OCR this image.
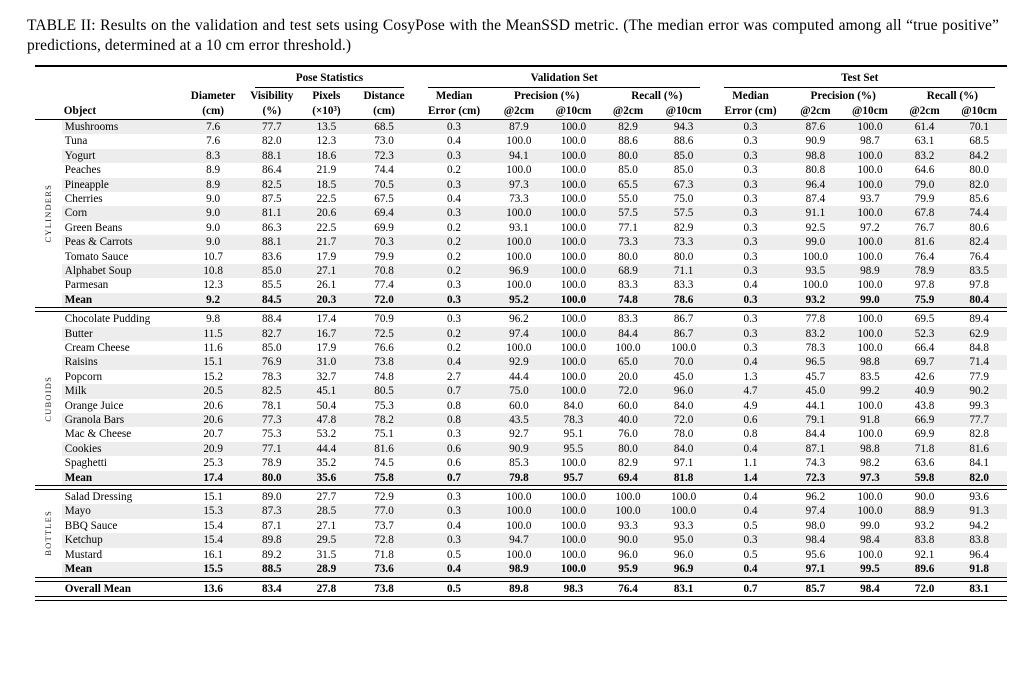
TABLE II: Results on the validation and test sets using CosyPose with the MeanSSD metric. (The median error was computed among all “true positive” predictions, determined at a 10 cm error threshold.)

			Pose Statistics			Validation Set					Test Set				

		Diameter	Visibility	Pixels	Distance	Median	Precision (%)		Recall (%)		Median	Precision (%)		Recall (%)	
	Object	(cm)	(%)	(×10³)	(cm)	Error (cm)	@2cm	@10cm	@2cm	@10cm	Error (cm)	@2cm	@10cm	@2cm	@10cm

CYLINDERS	Mushrooms	7.6	77.7	13.5	68.5	0.3	87.9	100.0	82.9	94.3	0.3	87.6	100.0	61.4	70.1
	Tuna	7.6	82.0	12.3	73.0	0.4	100.0	100.0	88.6	88.6	0.3	90.9	98.7	63.1	68.5
	Yogurt	8.3	88.1	18.6	72.3	0.3	94.1	100.0	80.0	85.0	0.3	98.8	100.0	83.2	84.2
	Peaches	8.9	86.4	21.9	74.4	0.2	100.0	100.0	85.0	85.0	0.3	80.8	100.0	64.6	80.0
	Pineapple	8.9	82.5	18.5	70.5	0.3	97.3	100.0	65.5	67.3	0.3	96.4	100.0	79.0	82.0
	Cherries	9.0	87.5	22.5	67.5	0.4	73.3	100.0	55.0	75.0	0.3	87.4	93.7	79.9	85.6
	Corn	9.0	81.1	20.6	69.4	0.3	100.0	100.0	57.5	57.5	0.3	91.1	100.0	67.8	74.4
	Green Beans	9.0	86.3	22.5	69.9	0.2	93.1	100.0	77.1	82.9	0.3	92.5	97.2	76.7	80.6
	Peas & Carrots	9.0	88.1	21.7	70.3	0.2	100.0	100.0	73.3	73.3	0.3	99.0	100.0	81.6	82.4
	Tomato Sauce	10.7	83.6	17.9	79.9	0.2	100.0	100.0	80.0	80.0	0.3	100.0	100.0	76.4	76.4
	Alphabet Soup	10.8	85.0	27.1	70.8	0.2	96.9	100.0	68.9	71.1	0.3	93.5	98.9	78.9	83.5
	Parmesan	12.3	85.5	26.1	77.4	0.3	100.0	100.0	83.3	83.3	0.4	100.0	100.0	97.8	97.8
	Mean	9.2	84.5	20.3	72.0	0.3	95.2	100.0	74.8	78.6	0.3	93.2	99.0	75.9	80.4

CUBOIDS	Chocolate Pudding	9.8	88.4	17.4	70.9	0.3	96.2	100.0	83.3	86.7	0.3	77.8	100.0	69.5	89.4
	Butter	11.5	82.7	16.7	72.5	0.2	97.4	100.0	84.4	86.7	0.3	83.2	100.0	52.3	62.9
	Cream Cheese	11.6	85.0	17.9	76.6	0.2	100.0	100.0	100.0	100.0	0.3	78.3	100.0	66.4	84.8
	Raisins	15.1	76.9	31.0	73.8	0.4	92.9	100.0	65.0	70.0	0.4	96.5	98.8	69.7	71.4
	Popcorn	15.2	78.3	32.7	74.8	2.7	44.4	100.0	20.0	45.0	1.3	45.7	83.5	42.6	77.9
	Milk	20.5	82.5	45.1	80.5	0.7	75.0	100.0	72.0	96.0	4.7	45.0	99.2	40.9	90.2
	Orange Juice	20.6	78.1	50.4	75.3	0.8	60.0	84.0	60.0	84.0	4.9	44.1	100.0	43.8	99.3
	Granola Bars	20.6	77.3	47.8	78.2	0.8	43.5	78.3	40.0	72.0	0.6	79.1	91.8	66.9	77.7
	Mac & Cheese	20.7	75.3	53.2	75.1	0.3	92.7	95.1	76.0	78.0	0.8	84.4	100.0	69.9	82.8
	Cookies	20.9	77.1	44.4	81.6	0.6	90.9	95.5	80.0	84.0	0.4	87.1	98.8	71.8	81.6
	Spaghetti	25.3	78.9	35.2	74.5	0.6	85.3	100.0	82.9	97.1	1.1	74.3	98.2	63.6	84.1
	Mean	17.4	80.0	35.6	75.8	0.7	79.8	95.7	69.4	81.8	1.4	72.3	97.3	59.8	82.0

BOTTLES	Salad Dressing	15.1	89.0	27.7	72.9	0.3	100.0	100.0	100.0	100.0	0.4	96.2	100.0	90.0	93.6
	Mayo	15.3	87.3	28.5	77.0	0.3	100.0	100.0	100.0	100.0	0.4	97.4	100.0	88.9	91.3
	BBQ Sauce	15.4	87.1	27.1	73.7	0.4	100.0	100.0	93.3	93.3	0.5	98.0	99.0	93.2	94.2
	Ketchup	15.4	89.8	29.5	72.8	0.3	94.7	100.0	90.0	95.0	0.3	98.4	98.4	83.8	83.8
	Mustard	16.1	89.2	31.5	71.8	0.5	100.0	100.0	96.0	96.0	0.5	95.6	100.0	92.1	96.4
	Mean	15.5	88.5	28.9	73.6	0.4	98.9	100.0	95.9	96.9	0.4	97.1	99.5	89.6	91.8

	Overall Mean	13.6	83.4	27.8	73.8	0.5	89.8	98.3	76.4	83.1	0.7	85.7	98.4	72.0	83.1
